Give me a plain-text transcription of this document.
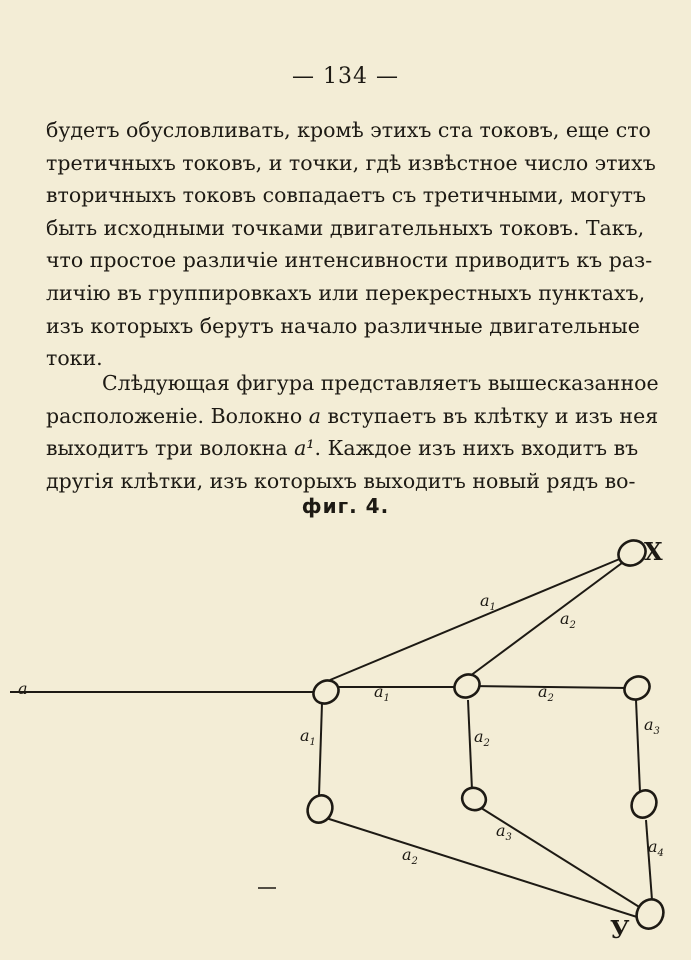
— 134 —
будетъ обусловливать, кромѣ этихъ ста токовъ, еще сто
третичныхъ токовъ, и точки, гдѣ извѣстное число этихъ
вторичныхъ токовъ совпадаетъ съ третичными, могутъ
быть исходными точками двигательныхъ токовъ. Такъ,
что простое различіе интенсивности приводитъ къ раз-
личію въ группировкахъ или перекрестныхъ пунктахъ,
изъ которыхъ берутъ начало различные двигательные
токи.
Слѣдующая фигура представляетъ вышесказанное
расположеніе. Волокно a вступаетъ въ клѣтку и изъ нея
выходитъ три волокна a¹. Каждое изъ нихъ входитъ въ
другія клѣтки, изъ которыхъ выходитъ новый рядъ во-
фиг. 4.
a
X
У
$a_1$
$a_2$
$a_1$	$a_2$
$a_1$	$a_2$
$a_3$
$a_3$	$a_4$
$a_2$
